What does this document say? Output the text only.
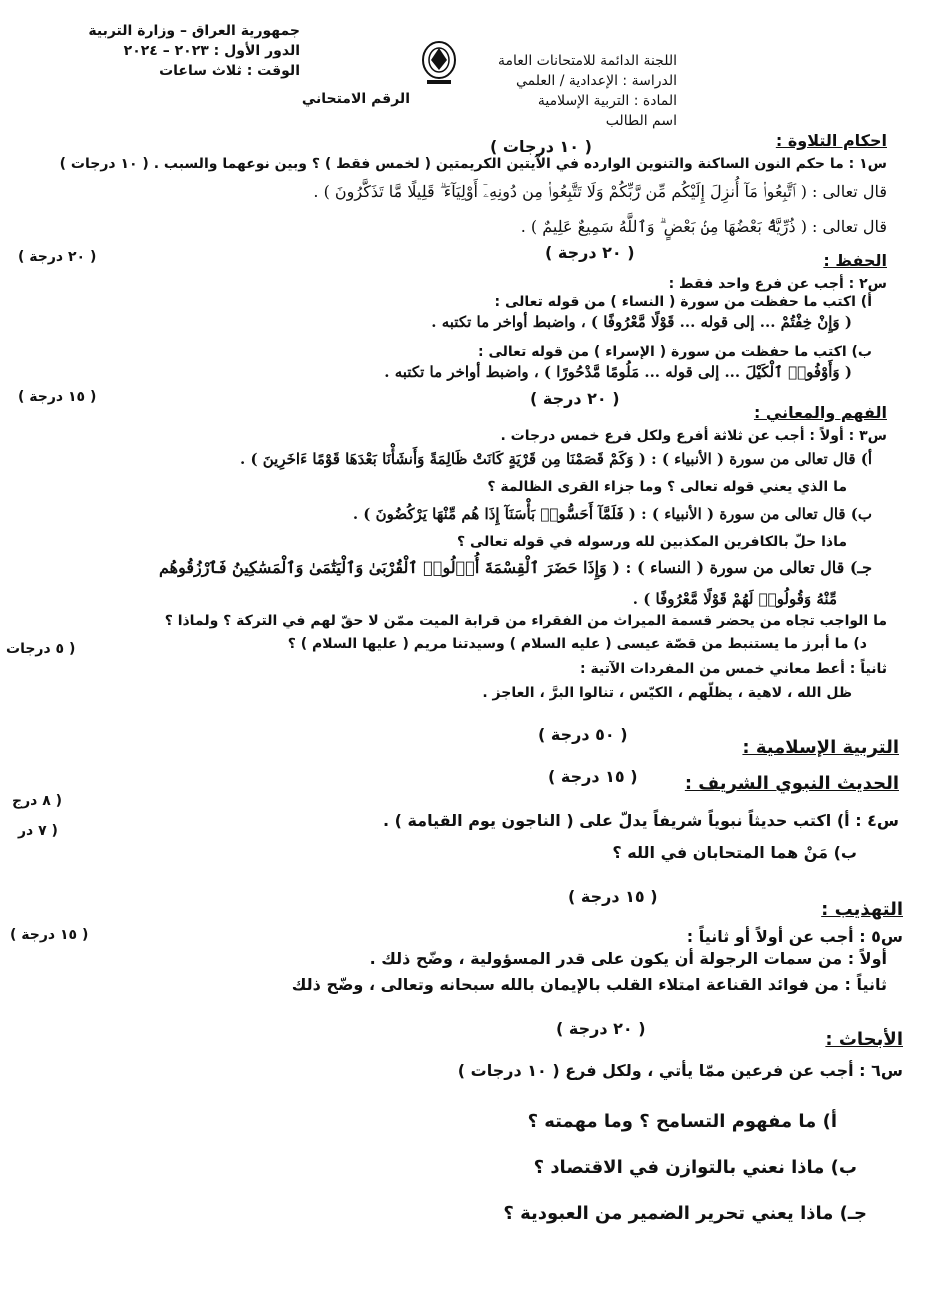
اللجنة الدائمة للامتحانات العامة
الدراسة : الإعدادية / العلمي
المادة : التربية الإسلامية
اسم الطالب
جمهورية العراق – وزارة التربية
الدور الأول : ٢٠٢٣ – ٢٠٢٤
الوقت : ثلاث ساعات
الرقم الامتحاني
احكام التلاوة :
( ١٠ درجات )
س١ : ما حكم النون الساكنة والتنوين الوارده في الآيتين الكريمتين ( لخمس فقط ) ؟ وبين نوعهما والسبب . ( ١٠ درجات )
قال تعالى : ( ٱتَّبِعُوا۟ مَآ أُنزِلَ إِلَيْكُم مِّن رَّبِّكُمْ وَلَا تَتَّبِعُوا۟ مِن دُونِهِۦٓ أَوْلِيَآءَ ۗ قَلِيلًا مَّا تَذَكَّرُونَ ) .
قال تعالى : ( ذُرِّيَّةًۢ بَعْضُهَا مِنۢ بَعْضٍ ۗ وَٱللَّهُ سَمِيعٌ عَلِيمٌ ) .
الحفظ :
( ٢٠ درجة )
( ٢٠ درجة )
س٢ : أجب عن فرع واحد فقط :
أ) اكتب ما حفظت من سورة ( النساء ) من قوله تعالى :
( وَإِنْ خِفْتُمْ ... إلى قوله ... قَوْلًا مَّعْرُوفًا ) ، واضبط أواخر ما تكتبه .
ب) اكتب ما حفظت من سورة ( الإسراء ) من قوله تعالى :
( وَأَوْفُوا۟ ٱلْكَيْلَ ... إلى قوله ... مَلُومًا مَّدْحُورًا ) ، واضبط أواخر ما تكتبه .
( ٢٠ درجة )
( ١٥ درجة )
الفهم والمعاني :
س٣ : أولاً : أجب عن ثلاثة أفرع ولكل فرع خمس درجات .
أ) قال تعالى من سورة ( الأنبياء ) : ( وَكَمْ قَصَمْنَا مِن قَرْيَةٍ كَانَتْ ظَالِمَةً وَأَنشَأْنَا بَعْدَهَا قَوْمًا ءَاخَرِينَ ) .
ما الذي يعني قوله تعالى ؟ وما جزاء القرى الظالمة ؟
ب) قال تعالى من سورة ( الأنبياء ) : ( فَلَمَّآ أَحَسُّوا۟ بَأْسَنَآ إِذَا هُم مِّنْهَا يَرْكُضُونَ ) .
ماذا حلّ بالكافرين المكذبين لله ورسوله في قوله تعالى ؟
جـ) قال تعالى من سورة ( النساء ) : ( وَإِذَا حَضَرَ ٱلْقِسْمَةَ أُو۟لُوا۟ ٱلْقُرْبَىٰ وَٱلْيَتَٰمَىٰ وَٱلْمَسَٰكِينُ فَٱرْزُقُوهُم
مِّنْهُ وَقُولُوا۟ لَهُمْ قَوْلًا مَّعْرُوفًا ) .
ما الواجب تجاه من يحضر قسمة الميراث من الفقراء من قرابة الميت ممّن لا حقّ لهم في التركة ؟ ولماذا ؟
د) ما أبرز ما يستنبط من قصّة عيسى ( عليه السلام ) وسيدتنا مريم ( عليها السلام ) ؟
( ٥ درجات
ثانياً : أعط معاني خمس من المفردات الآتية :
ظل الله ، لاهية ، يظلّهم ، الكيّس ، تنالوا البرَّ ، العاجز .
( ٥٠ درجة )
التربية الإسلامية :
( ١٥ درجة )	الحديث النبوي الشريف :
( ٨ درج
س٤ : أ) اكتب حديثاً نبوياً شريفاً يدلّ على ( الناجون يوم القيامة ) .
( ٧ در
ب) مَنْ هما المتحابان في الله ؟
( ١٥ درجة )
التهذيب :
( ١٥ درجة )	س٥ : أجب عن أولاً أو ثانياً :
أولاً : من سمات الرجولة أن يكون على قدر المسؤولية ، وضّح ذلك .
ثانياً : من فوائد القناعة امتلاء القلب بالإيمان بالله سبحانه وتعالى ، وضّح ذلك
( ٢٠ درجة )
الأبحاث :
س٦ : أجب عن فرعين ممّا يأتي ، ولكل فرع ( ١٠ درجات )
أ) ما مفهوم التسامح ؟ وما مهمته ؟
ب) ماذا نعني بالتوازن في الاقتصاد ؟
جـ) ماذا يعني تحرير الضمير من العبودية ؟
